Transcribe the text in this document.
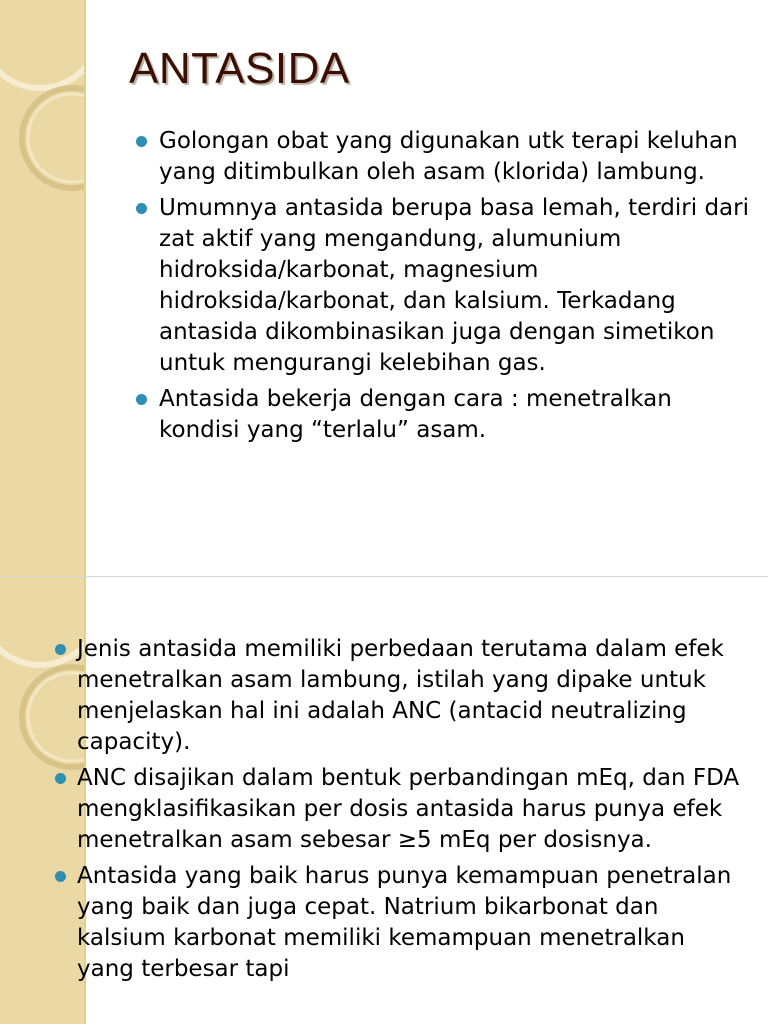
ANTASIDA
Golongan obat yang digunakan utk terapi keluhan yang ditimbulkan oleh asam (klorida) lambung.
Umumnya antasida berupa basa lemah, terdiri dari zat aktif yang mengandung, alumunium hidroksida/karbonat, magnesium hidroksida/karbonat, dan kalsium. Terkadang antasida dikombinasikan juga dengan simetikon untuk mengurangi kelebihan gas.
Antasida bekerja dengan cara : menetralkan kondisi yang “terlalu” asam.
Jenis antasida memiliki perbedaan terutama dalam efek menetralkan asam lambung, istilah yang dipake untuk menjelaskan hal ini adalah ANC (antacid neutralizing capacity).
ANC disajikan dalam bentuk perbandingan mEq, dan FDA mengklasifikasikan per dosis antasida harus punya efek menetralkan asam sebesar ≥5 mEq per dosisnya.
Antasida yang baik harus punya kemampuan penetralan yang baik dan juga cepat. Natrium bikarbonat dan kalsium karbonat memiliki kemampuan menetralkan yang terbesar tapi
